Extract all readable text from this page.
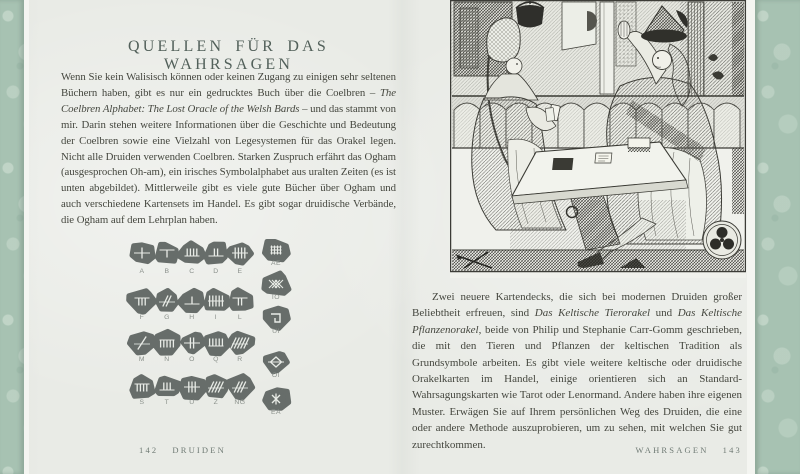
QUELLEN FÜR DAS WAHRSAGEN

Wenn Sie kein Walisisch können oder keinen Zugang zu einigen sehr seltenen Büchern haben, gibt es nur ein gedrucktes Buch über die Coelbren – The Coelbren Alphabet: The Lost Oracle of the Welsh Bards – und das stammt von mir. Darin stehen weitere Informationen über die Geschichte und Bedeutung der Coelbren sowie eine Vielzahl von Legesystemen für das Orakel legen. Nicht alle Druiden verwenden Coelbren. Starken Zuspruch erfährt das Ogham (ausgesprochen Oh-am), ein irisches Symbolalphabet aus uralten Zeiten (es ist unten abgebildet). Mittlerweile gibt es viele gute Bücher über Ogham und auch verschiedene Kartensets im Handel. Es gibt sogar druidische Verbände, die Ogham auf dem Lehrplan haben.

A	B	C	D	E
F	G	H	I	L
M	N	O	Q	R
S	T	U	Z NG
AE
IO
UI
OI
EA
142 DRUIDEN

Zwei neuere Kartendecks, die sich bei modernen Druiden großer Beliebtheit erfreuen, sind Das Keltische Tierorakel und Das Keltische Pflanzenorakel, beide von Philip und Stephanie Carr-Gomm geschrieben, die mit den Tieren und Pflanzen der keltischen Tradition als Grundsymbole arbeiten. Es gibt viele weitere keltische oder druidische Orakelkarten im Handel, einige orientieren sich an Standard-Wahrsagungskarten wie Tarot oder Lenormand. Andere haben ihre eigenen Muster. Erwägen Sie auf Ihrem persönlichen Weg des Druiden, die eine oder andere Methode auszuprobieren, um zu sehen, mit welchen Sie gut zurechtkommen.	WAHRSAGEN 143
